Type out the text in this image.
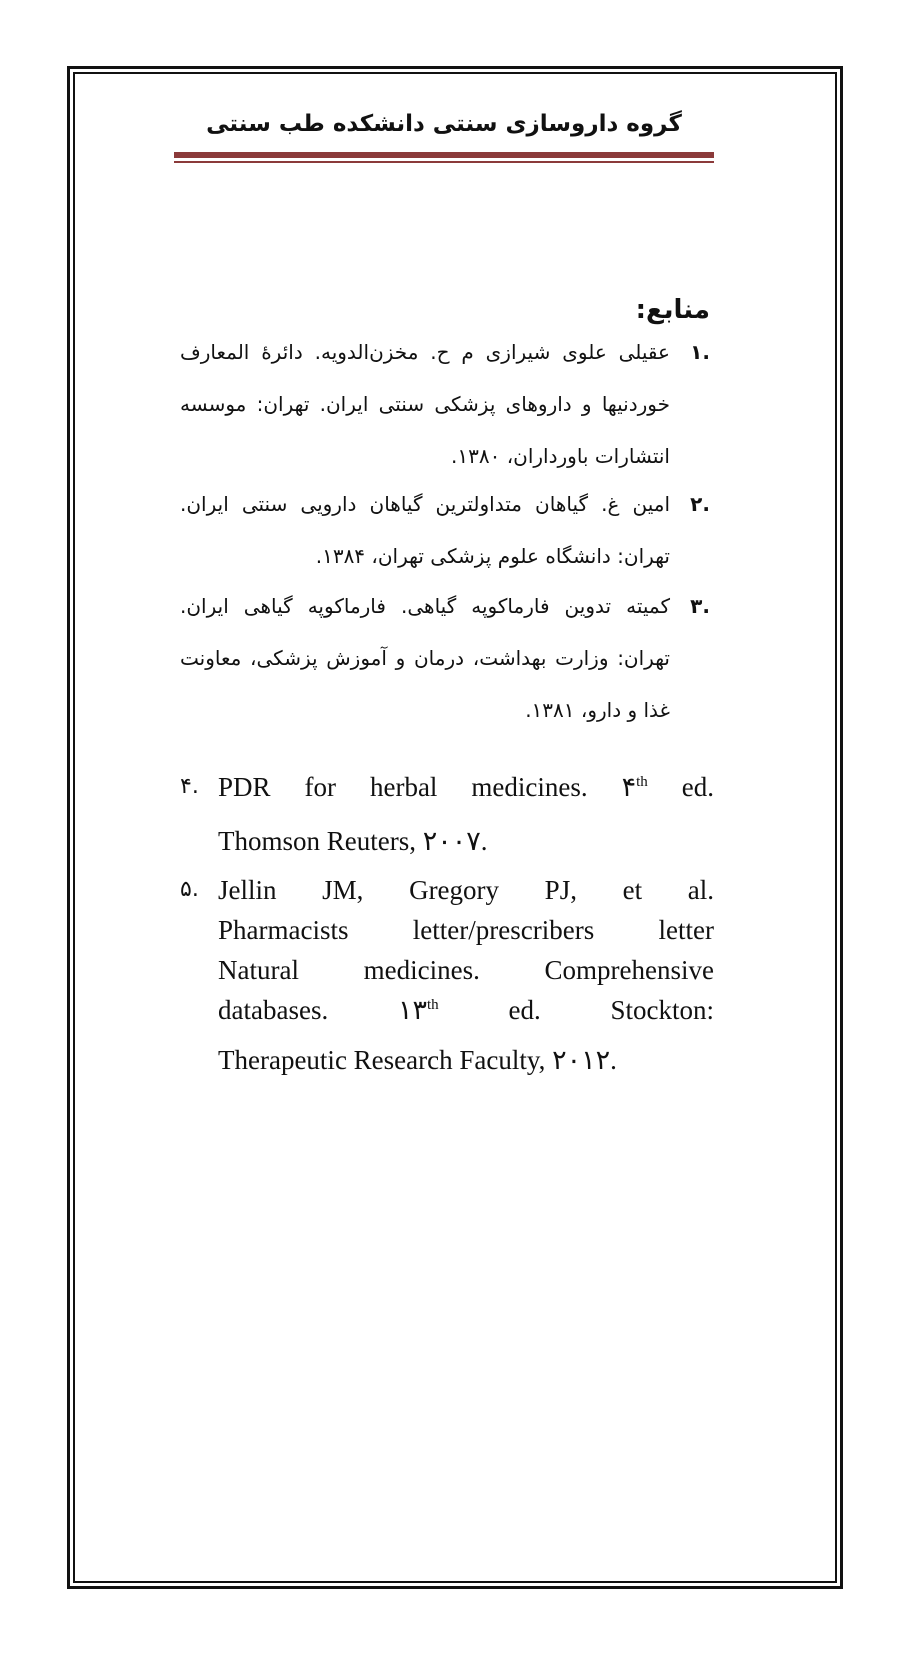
گروه داروسازی سنتی دانشکده طب سنتی
منابع:
.۱
عقیلی علوی شیرازی م ح. مخزن‌الدویه. دائرۀ المعارف خوردنیها و داروهای پزشکی سنتی ایران. تهران: موسسه انتشارات باورداران، ۱۳۸۰.
.۲
امین غ. گیاهان متداولترین گیاهان دارویی سنتی ایران. تهران: دانشگاه علوم پزشکی تهران، ۱۳۸۴.
.۳
کمیته تدوین فارماکوپه گیاهی. فارماکوپه گیاهی ایران. تهران: وزارت بهداشت، درمان و آموزش پزشکی، معاونت غذا و دارو، ۱۳۸۱.
۴. PDR for herbal medicines. ۴th ed.
Thomson Reuters, ۲۰۰۷.
۵. Jellin JM, Gregory PJ, et al.
Pharmacists letter/prescribers letter
Natural medicines. Comprehensive
databases. ۱۳th ed. Stockton:
Therapeutic Research Faculty, ۲۰۱۲.
